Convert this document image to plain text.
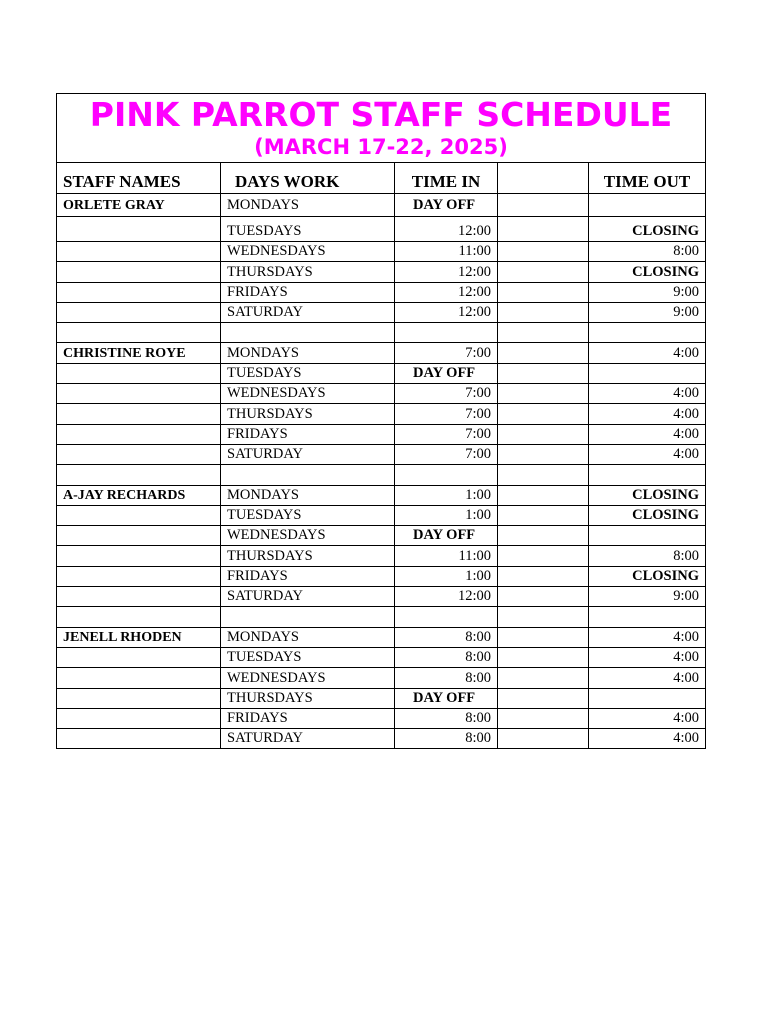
PINK PARROT STAFF SCHEDULE
(MARCH 17-22, 2025)				

STAFF NAMES	DAYS WORK	TIME IN		TIME OUT
ORLETE GRAY	MONDAYS	DAY OFF		
	TUESDAYS	12:00		CLOSING
	WEDNESDAYS	11:00		8:00
	THURSDAYS	12:00		CLOSING
	FRIDAYS	12:00		9:00
	SATURDAY	12:00		9:00

CHRISTINE ROYE	MONDAYS	7:00		4:00
	TUESDAYS	DAY OFF		
	WEDNESDAYS	7:00		4:00
	THURSDAYS	7:00		4:00
	FRIDAYS	7:00		4:00
	SATURDAY	7:00		4:00

A-JAY RECHARDS	MONDAYS	1:00		CLOSING
	TUESDAYS	1:00		CLOSING
	WEDNESDAYS	DAY OFF		
	THURSDAYS	11:00		8:00
	FRIDAYS	1:00		CLOSING
	SATURDAY	12:00		9:00

JENELL RHODEN	MONDAYS	8:00		4:00
	TUESDAYS	8:00		4:00
	WEDNESDAYS	8:00		4:00
	THURSDAYS	DAY OFF		
	FRIDAYS	8:00		4:00
	SATURDAY	8:00		4:00
